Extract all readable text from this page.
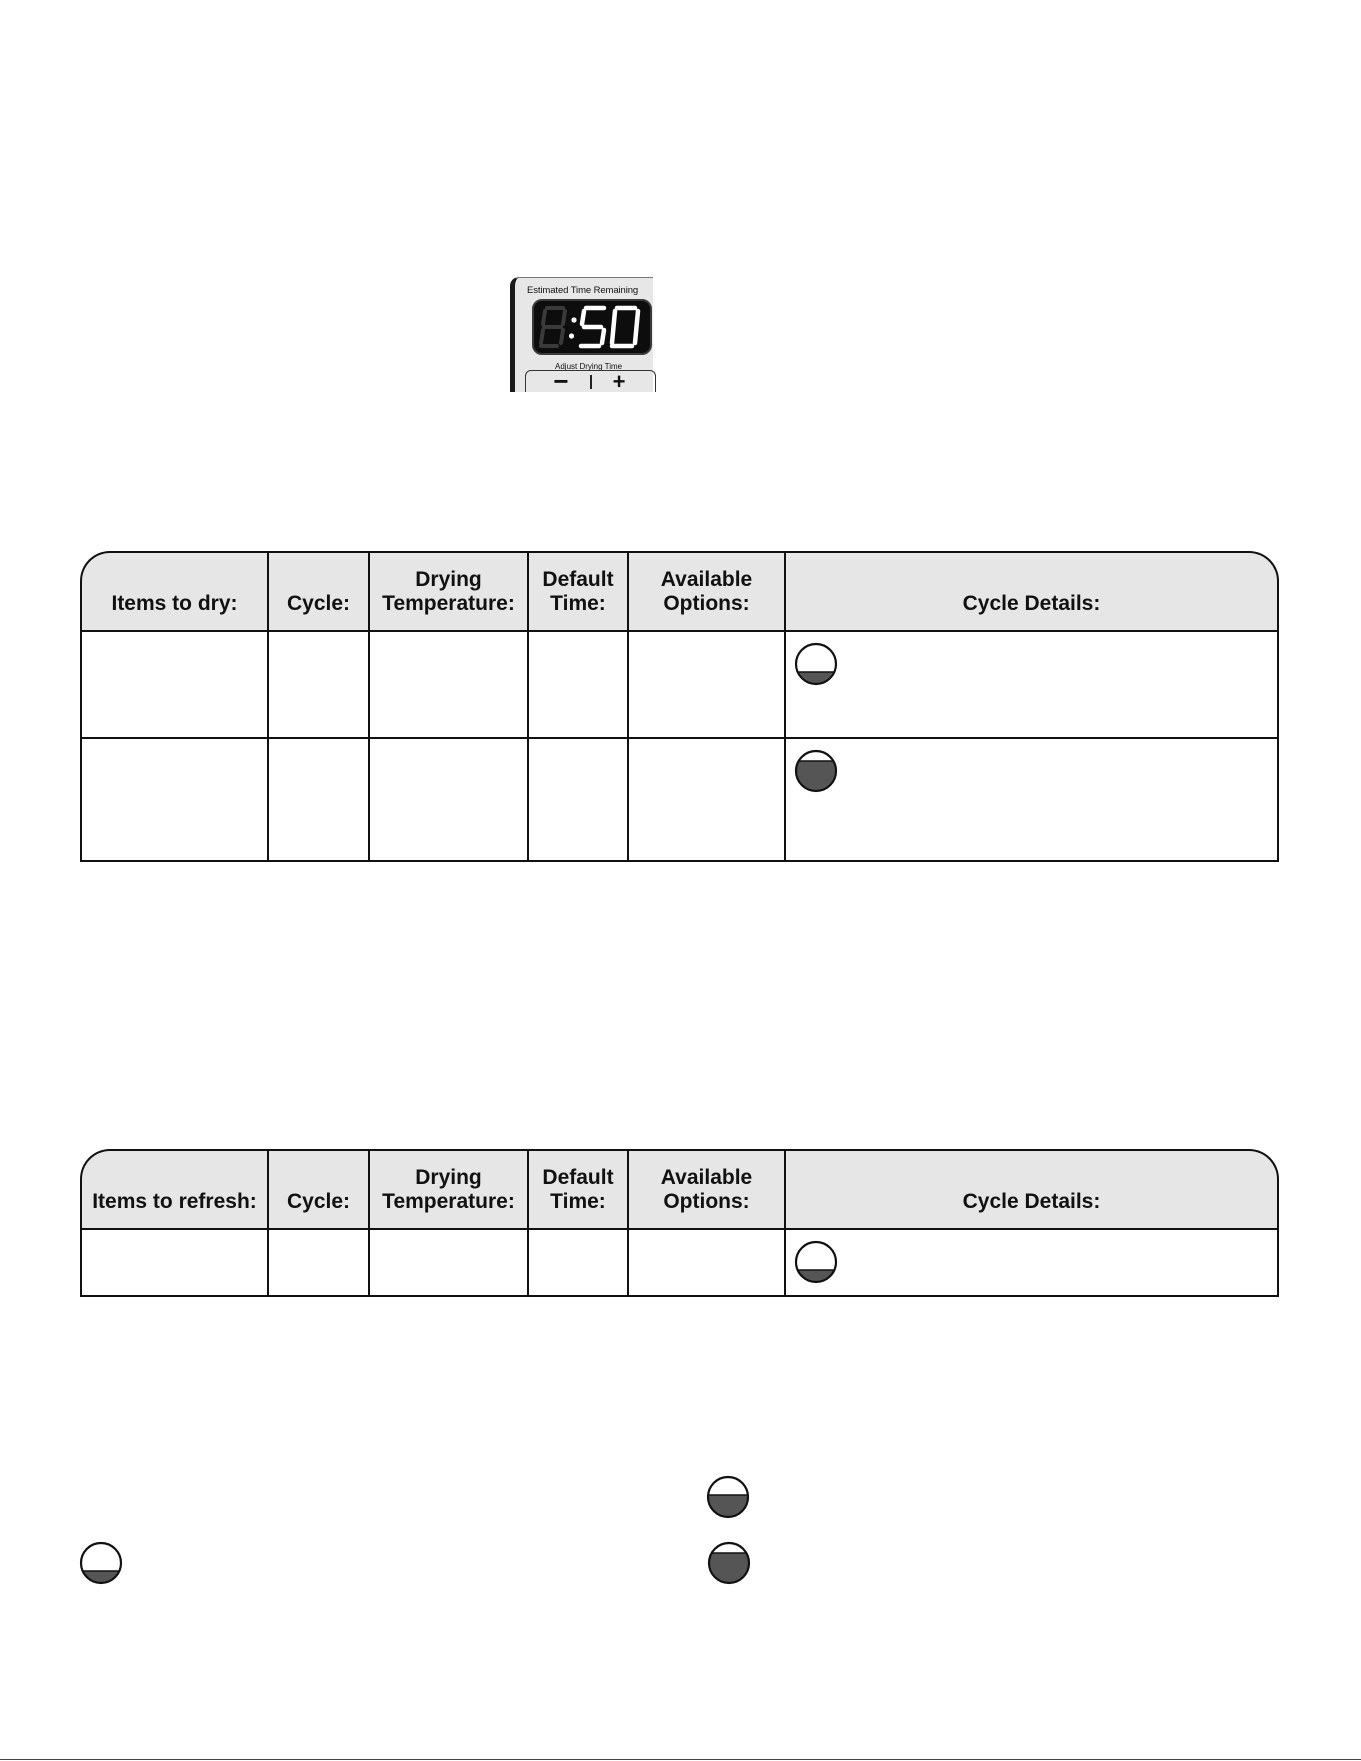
Estimated Time Remaining
Adjust Drying Time
−	+
Items to dry:	Cycle:	Drying Temperature:	Default Time:	Available Options:	Cycle Details:

Items to refresh:	Cycle:	Drying Temperature:	Default Time:	Available Options:	Cycle Details:
